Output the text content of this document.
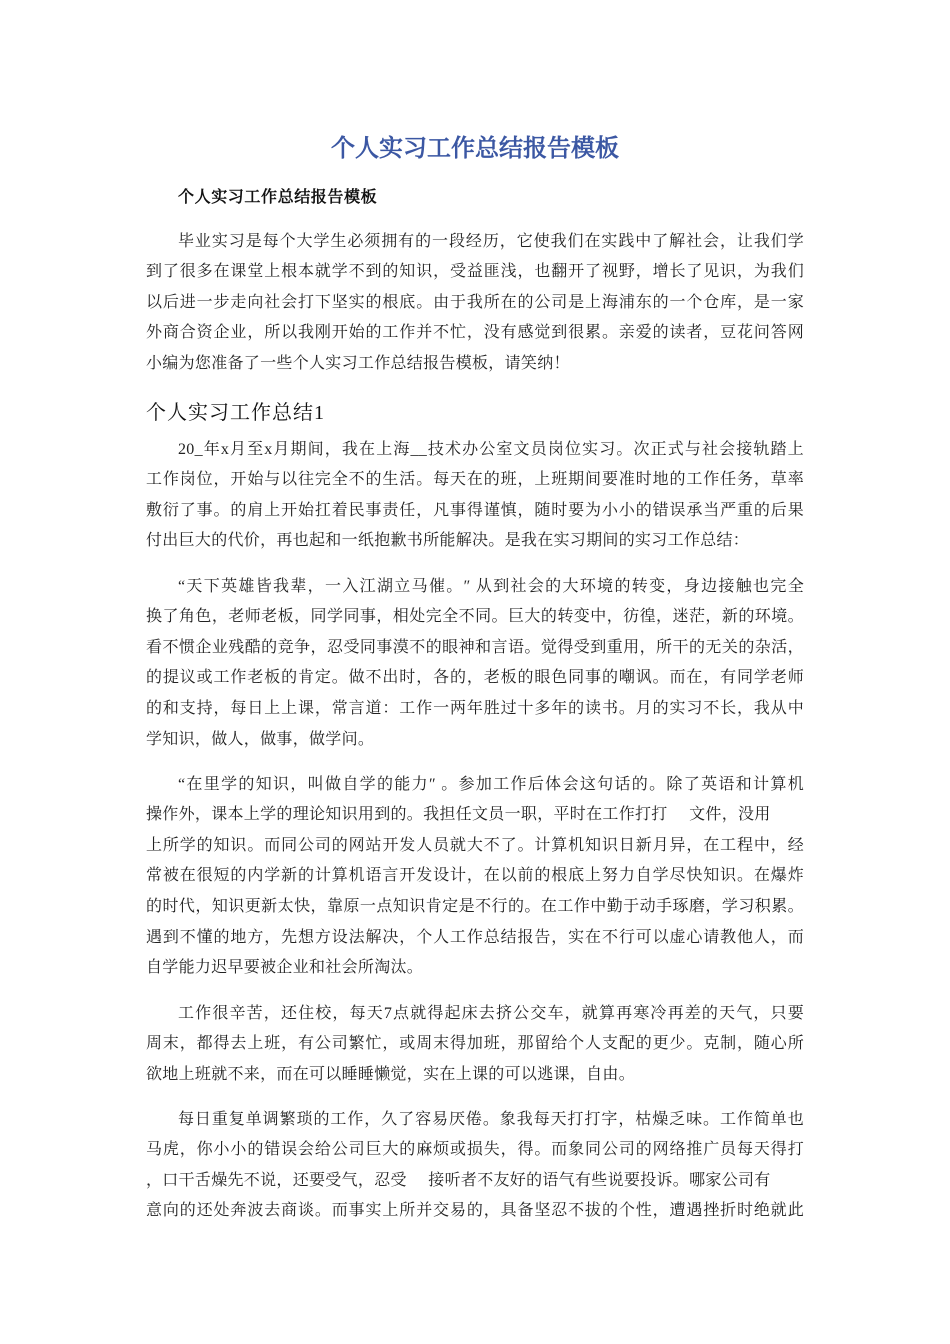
个人实习工作总结报告模板
个人实习工作总结报告模板
毕业实习是每个大学生必须拥有的一段经历，它使我们在实践中了解社会，让我们学
到了很多在课堂上根本就学不到的知识，受益匪浅，也翻开了视野，增长了见识，为我们
以后进一步走向社会打下坚实的根底。由于我所在的公司是上海浦东的一个仓库，是一家
外商合资企业，所以我刚开始的工作并不忙，没有感觉到很累。亲爱的读者，豆花问答网
小编为您准备了一些个人实习工作总结报告模板，请笑纳！
个人实习工作总结1
20_年x月至x月期间，我在上海__技术办公室文员岗位实习。次正式与社会接轨踏上
工作岗位，开始与以往完全不的生活。每天在的班，上班期间要准时地的工作任务，草率
敷衍了事。的肩上开始扛着民事责任，凡事得谨慎，随时要为小小的错误承当严重的后果
付出巨大的代价，再也起和一纸抱歉书所能解决。是我在实习期间的实习工作总结：
“天下英雄皆我辈，一入江湖立马催。″ 从到社会的大环境的转变，身边接触也完全
换了角色，老师老板，同学同事，相处完全不同。巨大的转变中，彷徨，迷茫，新的环境。
看不惯企业残酷的竞争，忍受同事漠不的眼神和言语。觉得受到重用，所干的无关的杂活，
的提议或工作老板的肯定。做不出时，各的，老板的眼色同事的嘲讽。而在，有同学老师
的和支持，每日上上课，常言道：工作一两年胜过十多年的读书。月的实习不长，我从中
学知识，做人，做事，做学问。
“在里学的知识，叫做自学的能力″ 。参加工作后体会这句话的。除了英语和计算机
操作外，课本上学的理论知识用到的。我担任文员一职，平时在工作打打     文件，没用
上所学的知识。而同公司的网站开发人员就大不了。计算机知识日新月异，在工程中，经
常被在很短的内学新的计算机语言开发设计，在以前的根底上努力自学尽快知识。在爆炸
的时代，知识更新太快，靠原一点知识肯定是不行的。在工作中勤于动手琢磨，学习积累。
遇到不懂的地方，先想方设法解决，个人工作总结报告，实在不行可以虚心请教他人，而
自学能力迟早要被企业和社会所淘汰。
工作很辛苦，还住校，每天7点就得起床去挤公交车，就算再寒冷再差的天气，只要
周末，都得去上班，有公司繁忙，或周末得加班，那留给个人支配的更少。克制，随心所
欲地上班就不来，而在可以睡睡懒觉，实在上课的可以逃课，自由。
每日重复单调繁琐的工作，久了容易厌倦。象我每天打打字，枯燥乏味。工作简单也
马虎，你小小的错误会给公司巨大的麻烦或损失，得。而象同公司的网络推广员每天得打
，口干舌燥先不说，还要受气，忍受     接听者不友好的语气有些说要投诉。哪家公司有
意向的还处奔波去商谈。而事实上所并交易的，具备坚忍不拔的个性，遭遇挫折时绝就此
